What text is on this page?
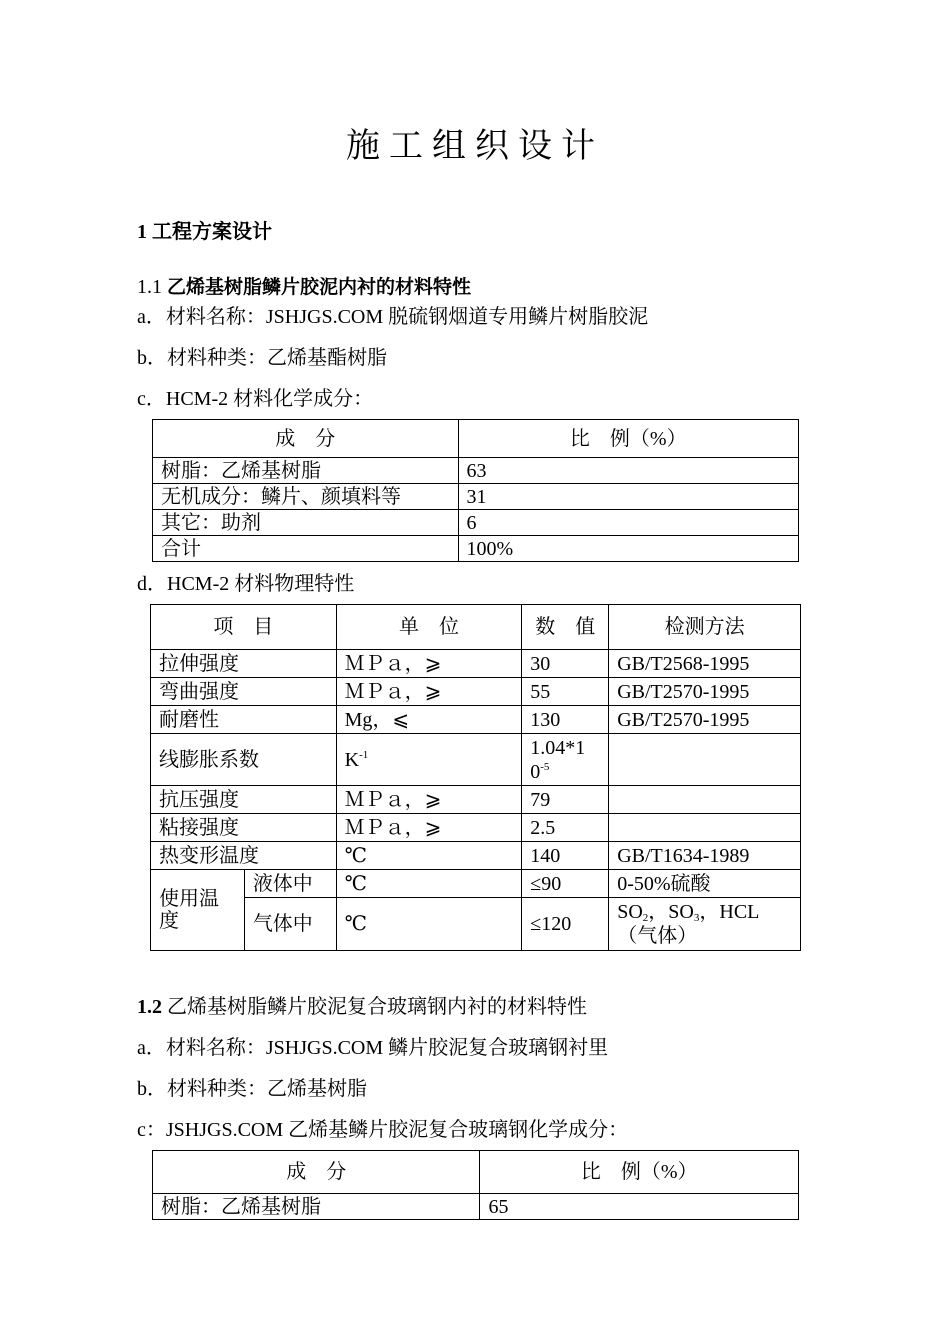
施工组织设计
1 工程方案设计
1.1 乙烯基树脂鳞片胶泥内衬的材料特性
a．材料名称：JSHJGS.COM 脱硫钢烟道专用鳞片树脂胶泥
b．材料种类：乙烯基酯树脂
c．HCM-2 材料化学成分：
成　分	比　例（%）
树脂：乙烯基树脂	63
无机成分：鳞片、颜填料等	31
其它：助剂	6
合计	100%
d．HCM-2 材料物理特性
项　目		单　位	数　值	检测方法
拉伸强度		ＭＰａ，⩾	30	GB/T2568-1995
弯曲强度		ＭＰａ，⩾	55	GB/T2570-1995
耐磨性		Mg，⩽	130	GB/T2570-1995
线膨胀系数		$K^{-1}$	1.04*1
$0^{-5}$	
抗压强度		ＭＰａ，⩾	79	
粘接强度		ＭＰａ，⩾	2.5	
热变形温度		℃	140	GB/T1634-1989
使用温度	液体中	℃	≤90	0-50%硫酸
	气体中	℃	≤120	$SO_2$，$SO_3$，HCL
（气体）
1.2 乙烯基树脂鳞片胶泥复合玻璃钢内衬的材料特性
a．材料名称：JSHJGS.COM 鳞片胶泥复合玻璃钢衬里
b．材料种类：乙烯基树脂
c：JSHJGS.COM 乙烯基鳞片胶泥复合玻璃钢化学成分：
成　分	比　例（%）
树脂：乙烯基树脂	65
